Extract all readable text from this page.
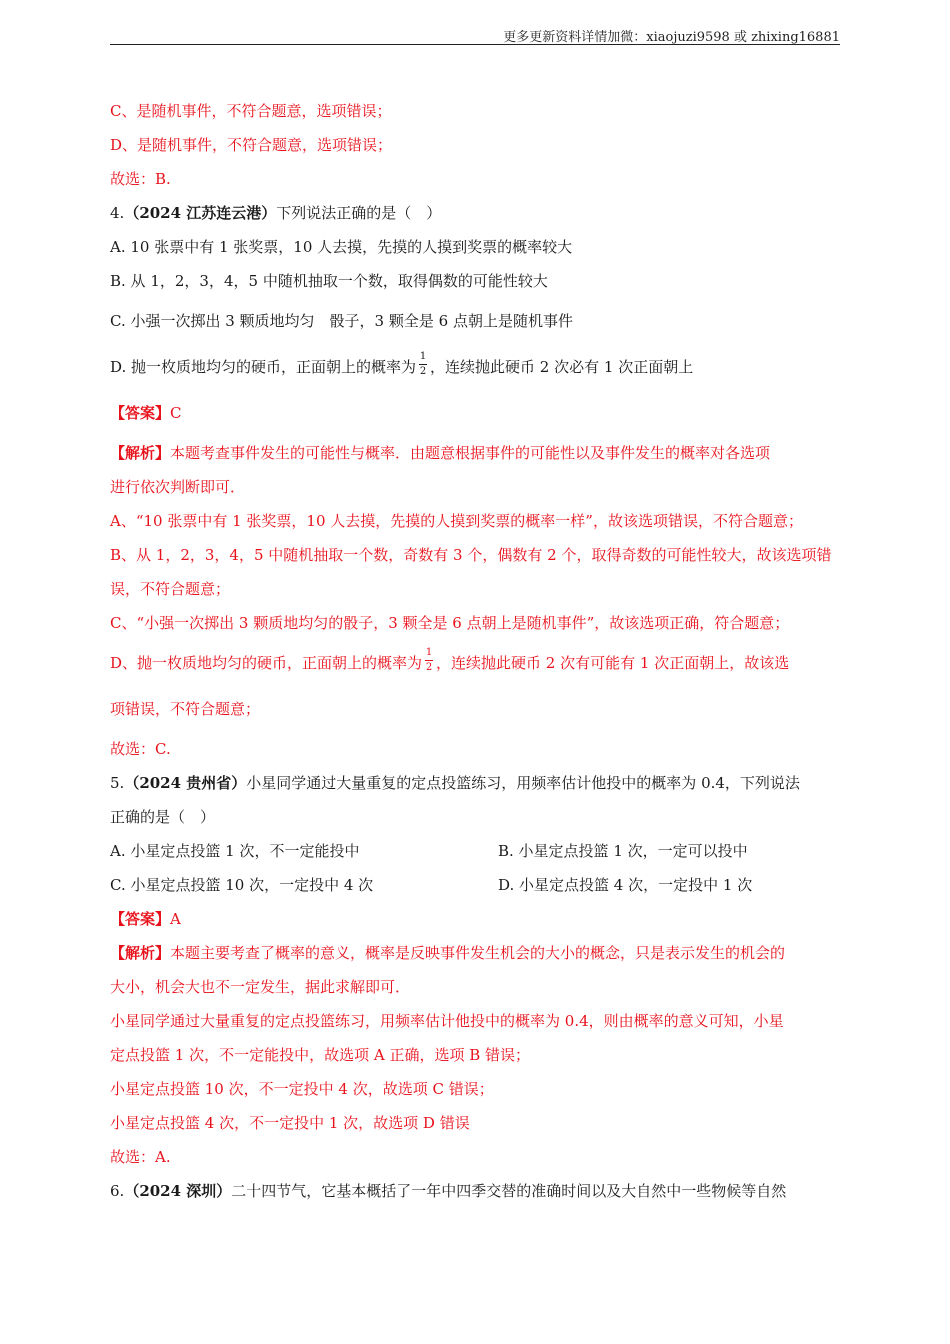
更多更新资料详情加微：xiaojuzi9598 或 zhixing16881
C、是随机事件，不符合题意，选项错误；
D、是随机事件，不符合题意，选项错误；
故选：B.
4.（2024 江苏连云港）下列说法正确的是（　）
A. 10 张票中有 1 张奖票，10 人去摸，先摸的人摸到奖票的概率较大
B. 从 1，2，3，4，5 中随机抽取一个数，取得偶数的可能性较大
C. 小强一次掷出 3 颗质地均匀　骰子，3 颗全是 6 点朝上是随机事件
D. 抛一枚质地均匀的硬币，正面朝上的概率为 $\frac{1}{2}$ ，连续抛此硬币 2 次必有 1 次正面朝上
【答案】C
【解析】本题考查事件发生的可能性与概率．由题意根据事件的可能性以及事件发生的概率对各选项
进行依次判断即可．
A、“10 张票中有 1 张奖票，10 人去摸，先摸的人摸到奖票的概率一样”，故该选项错误，不符合题意；
B、从 1，2，3，4，5 中随机抽取一个数，奇数有 3 个，偶数有 2 个，取得奇数的可能性较大，故该选项错
误，不符合题意；
C、“小强一次掷出 3 颗质地均匀的骰子，3 颗全是 6 点朝上是随机事件”，故该选项正确，符合题意；
D、抛一枚质地均匀的硬币，正面朝上的概率为 $\frac{1}{2}$ ，连续抛此硬币 2 次有可能有 1 次正面朝上，故该选
项错误，不符合题意；
故选：C.
5.（2024 贵州省）小星同学通过大量重复的定点投篮练习，用频率估计他投中的概率为 0.4，下列说法
正确的是（　）
A. 小星定点投篮 1 次，不一定能投中	B. 小星定点投篮 1 次，一定可以投中
C. 小星定点投篮 10 次，一定投中 4 次	D. 小星定点投篮 4 次，一定投中 1 次
【答案】A
【解析】本题主要考查了概率的意义，概率是反映事件发生机会的大小的概念，只是表示发生的机会的
大小，机会大也不一定发生，据此求解即可．
小星同学通过大量重复的定点投篮练习，用频率估计他投中的概率为 0.4，则由概率的意义可知，小星
定点投篮 1 次，不一定能投中，故选项 A 正确，选项 B 错误；
小星定点投篮 10 次，不一定投中 4 次，故选项 C 错误；
小星定点投篮 4 次，不一定投中 1 次，故选项 D 错误
故选：A.
6.（2024 深圳）二十四节气，它基本概括了一年中四季交替的准确时间以及大自然中一些物候等自然
